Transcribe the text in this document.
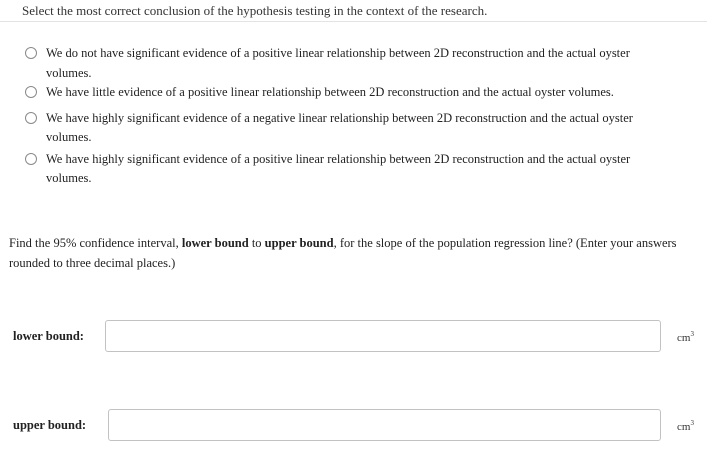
Select the most correct conclusion of the hypothesis testing in the context of the research.
We do not have significant evidence of a positive linear relationship between 2D reconstruction and the actual oyster
volumes.
We have little evidence of a positive linear relationship between 2D reconstruction and the actual oyster volumes.
We have highly significant evidence of a negative linear relationship between 2D reconstruction and the actual oyster
volumes.
We have highly significant evidence of a positive linear relationship between 2D reconstruction and the actual oyster
volumes.
Find the 95% confidence interval, lower bound to upper bound, for the slope of the population regression line? (Enter your answers rounded to three decimal places.)
lower bound:	$cm^3$
upper bound:	$cm^3$
